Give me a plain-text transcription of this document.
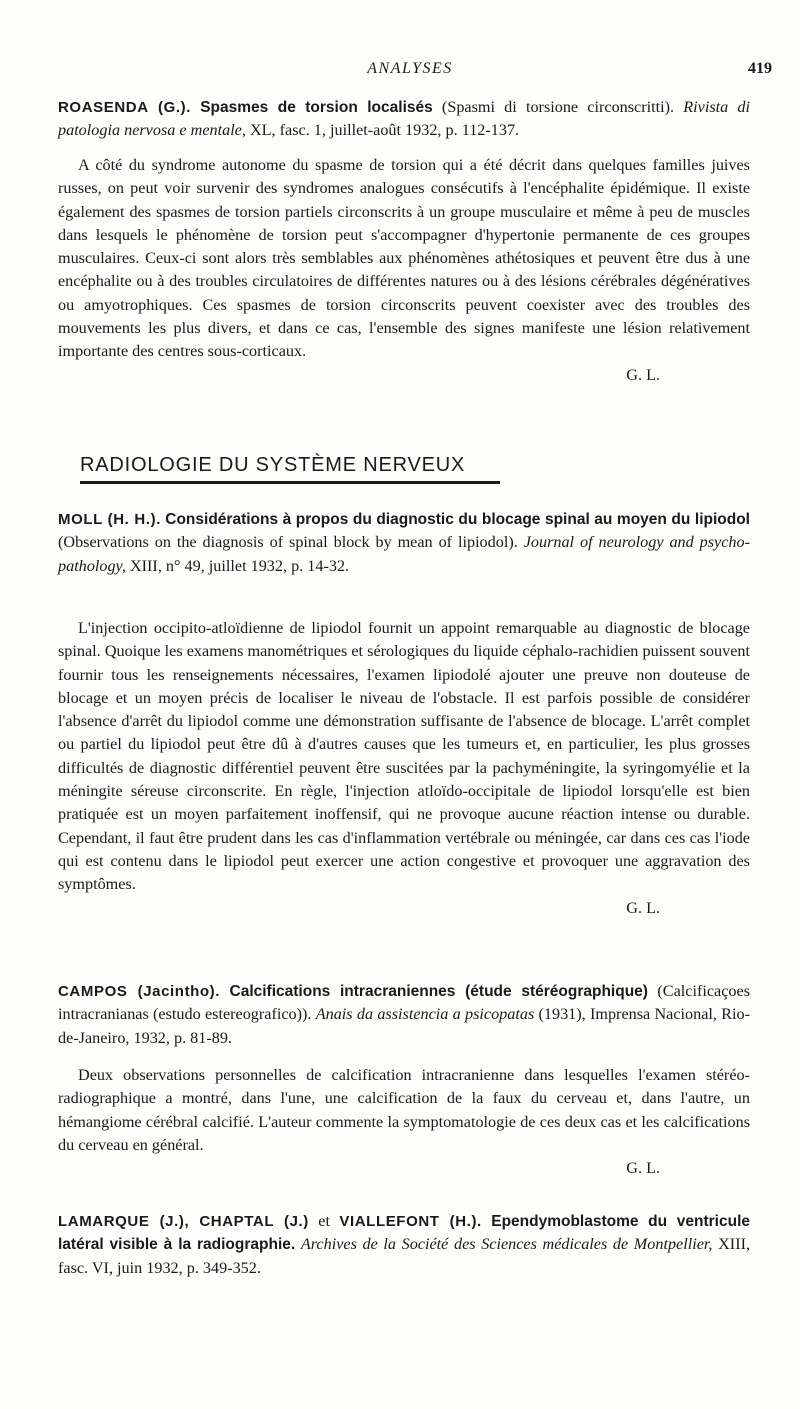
ANALYSES	419
ROASENDA (G.). Spasmes de torsion localisés (Spasmi di torsione circonscritti). Rivista di patologia nervosa e mentale, XL, fasc. 1, juillet-août 1932, p. 112-137.
A côté du syndrome autonome du spasme de torsion qui a été décrit dans quelques familles juives russes, on peut voir survenir des syndromes analogues consécutifs à l'encéphalite épidémique. Il existe également des spasmes de torsion partiels circonscrits à un groupe musculaire et même à peu de muscles dans lesquels le phénomène de torsion peut s'accompagner d'hypertonie permanente de ces groupes musculaires. Ceux-ci sont alors très semblables aux phénomènes athétosiques et peuvent être dus à une encéphalite ou à des troubles circulatoires de différentes natures ou à des lésions cérébrales dégénératives ou amyotrophiques. Ces spasmes de torsion circonscrits peuvent coexister avec des troubles des mouvements les plus divers, et dans ce cas, l'ensemble des signes manifeste une lésion relativement importante des centres sous-corticaux.
G. L.
RADIOLOGIE DU SYSTÈME NERVEUX
MOLL (H. H.). Considérations à propos du diagnostic du blocage spinal au moyen du lipiodol (Observations on the diagnosis of spinal block by mean of lipiodol). Journal of neurology and psycho-pathology, XIII, n° 49, juillet 1932, p. 14-32.
L'injection occipito-atloïdienne de lipiodol fournit un appoint remarquable au diagnostic de blocage spinal. Quoique les examens manométriques et sérologiques du liquide céphalo-rachidien puissent souvent fournir tous les renseignements nécessaires, l'examen lipiodolé ajouter une preuve non douteuse de blocage et un moyen précis de localiser le niveau de l'obstacle. Il est parfois possible de considérer l'absence d'arrêt du lipiodol comme une démonstration suffisante de l'absence de blocage. L'arrêt complet ou partiel du lipiodol peut être dû à d'autres causes que les tumeurs et, en particulier, les plus grosses difficultés de diagnostic différentiel peuvent être suscitées par la pachyméningite, la syringomyélie et la méningite séreuse circonscrite. En règle, l'injection atloïdo-occipitale de lipiodol lorsqu'elle est bien pratiquée est un moyen parfaitement inoffensif, qui ne provoque aucune réaction intense ou durable. Cependant, il faut être prudent dans les cas d'inflammation vertébrale ou méningée, car dans ces cas l'iode qui est contenu dans le lipiodol peut exercer une action congestive et provoquer une aggravation des symptômes.
G. L.
CAMPOS (Jacintho). Calcifications intracraniennes (étude stéréographique) (Calcificaçoes intracranianas (estudo estereografico)). Anais da assistencia a psicopatas (1931), Imprensa Nacional, Rio-de-Janeiro, 1932, p. 81-89.
Deux observations personnelles de calcification intracranienne dans lesquelles l'examen stéréo-radiographique a montré, dans l'une, une calcification de la faux du cerveau et, dans l'autre, un hémangiome cérébral calcifié. L'auteur commente la symptomatologie de ces deux cas et les calcifications du cerveau en général.
G. L.
LAMARQUE (J.), CHAPTAL (J.) et VIALLEFONT (H.). Ependymoblastome du ventricule latéral visible à la radiographie. Archives de la Société des Sciences médicales de Montpellier, XIII, fasc. VI, juin 1932, p. 349-352.
